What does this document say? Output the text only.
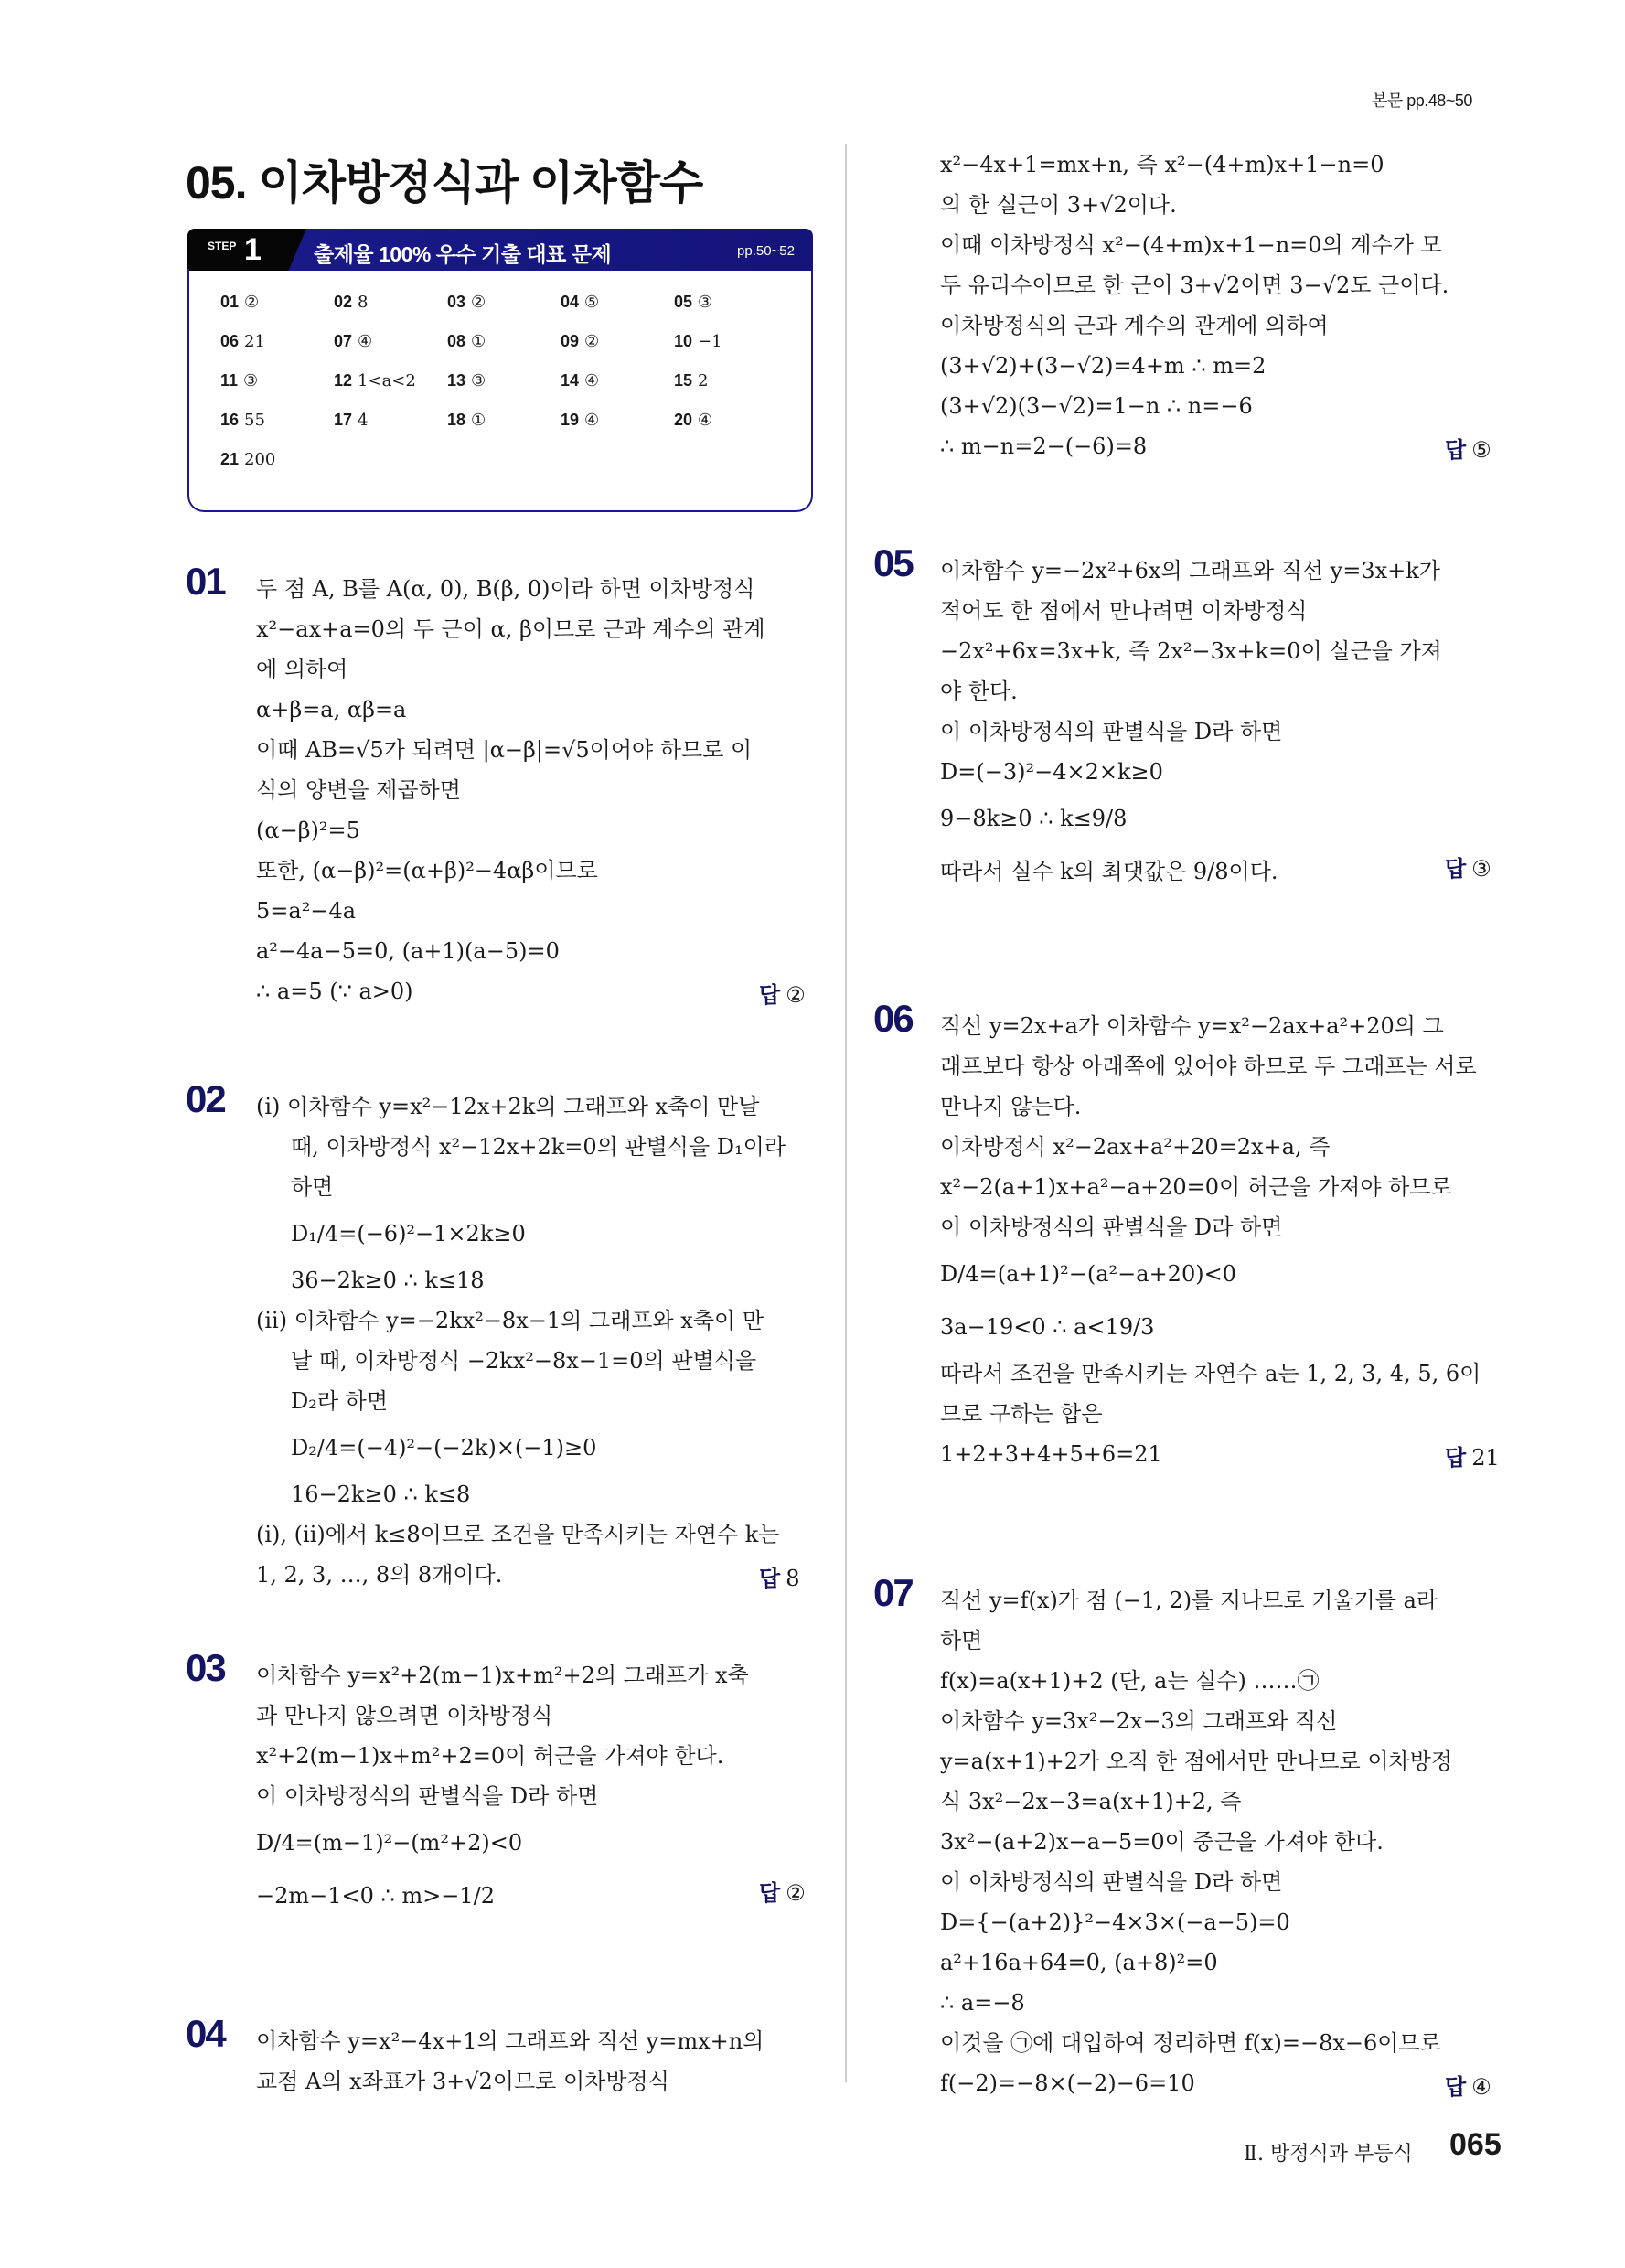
본문 pp.48~50
05. 이차방정식과 이차함수
STEP 1 출제율 100% 우수 기출 대표 문제	pp.50~52
01 ②	02 8	03 ②	04 ⑤	05 ③
06 21	07 ④	08 ①	09 ②	10 −1
11 ③	12 1<a<2	13 ③	14 ④	15 2
16 55	17 4	18 ①	19 ④	20 ④
21 200
01 두 점 A, B를 A(α, 0), B(β, 0)이라 하면 이차방정식
x²−ax+a=0의 두 근이 α, β이므로 근과 계수의 관계
에 의하여
α+β=a, αβ=a
이때 AB=√5가 되려면 |α−β|=√5이어야 하므로 이
식의 양변을 제곱하면
(α−β)²=5
또한, (α−β)²=(α+β)²−4αβ이므로
5=a²−4a
a²−4a−5=0, (a+1)(a−5)=0
∴ a=5 (∵ a>0)	답 ②
02 (i) 이차함수 y=x²−12x+2k의 그래프와 x축이 만날
때, 이차방정식 x²−12x+2k=0의 판별식을 D₁이라
하면
D₁/4=(−6)²−1×2k≥0
36−2k≥0 ∴ k≤18
(ii) 이차함수 y=−2kx²−8x−1의 그래프와 x축이 만
날 때, 이차방정식 −2kx²−8x−1=0의 판별식을
D₂라 하면
D₂/4=(−4)²−(−2k)×(−1)≥0
16−2k≥0 ∴ k≤8
(i), (ii)에서 k≤8이므로 조건을 만족시키는 자연수 k는
1, 2, 3, …, 8의 8개이다.	답 8
03 이차함수 y=x²+2(m−1)x+m²+2의 그래프가 x축
과 만나지 않으려면 이차방정식
x²+2(m−1)x+m²+2=0이 허근을 가져야 한다.
이 이차방정식의 판별식을 D라 하면
D/4=(m−1)²−(m²+2)<0
−2m−1<0 ∴ m>−1/2	답 ②
04 이차함수 y=x²−4x+1의 그래프와 직선 y=mx+n의
교점 A의 x좌표가 3+√2이므로 이차방정식
x²−4x+1=mx+n, 즉 x²−(4+m)x+1−n=0
의 한 실근이 3+√2이다.
이때 이차방정식 x²−(4+m)x+1−n=0의 계수가 모
두 유리수이므로 한 근이 3+√2이면 3−√2도 근이다.
이차방정식의 근과 계수의 관계에 의하여
(3+√2)+(3−√2)=4+m ∴ m=2
(3+√2)(3−√2)=1−n ∴ n=−6
∴ m−n=2−(−6)=8	답 ⑤
05 이차함수 y=−2x²+6x의 그래프와 직선 y=3x+k가
적어도 한 점에서 만나려면 이차방정식
−2x²+6x=3x+k, 즉 2x²−3x+k=0이 실근을 가져
야 한다.
이 이차방정식의 판별식을 D라 하면
D=(−3)²−4×2×k≥0
9−8k≥0 ∴ k≤9/8
따라서 실수 k의 최댓값은 9/8이다.	답 ③
06 직선 y=2x+a가 이차함수 y=x²−2ax+a²+20의 그
래프보다 항상 아래쪽에 있어야 하므로 두 그래프는 서로
만나지 않는다.
이차방정식 x²−2ax+a²+20=2x+a, 즉
x²−2(a+1)x+a²−a+20=0이 허근을 가져야 하므로
이 이차방정식의 판별식을 D라 하면
D/4=(a+1)²−(a²−a+20)<0
3a−19<0 ∴ a<19/3
따라서 조건을 만족시키는 자연수 a는 1, 2, 3, 4, 5, 6이
므로 구하는 합은
1+2+3+4+5+6=21	답 21
07 직선 y=f(x)가 점 (−1, 2)를 지나므로 기울기를 a라
하면
f(x)=a(x+1)+2 (단, a는 실수) ……㉠
이차함수 y=3x²−2x−3의 그래프와 직선
y=a(x+1)+2가 오직 한 점에서만 만나므로 이차방정
식 3x²−2x−3=a(x+1)+2, 즉
3x²−(a+2)x−a−5=0이 중근을 가져야 한다.
이 이차방정식의 판별식을 D라 하면
D={−(a+2)}²−4×3×(−a−5)=0
a²+16a+64=0, (a+8)²=0
∴ a=−8
이것을 ㉠에 대입하여 정리하면 f(x)=−8x−6이므로
f(−2)=−8×(−2)−6=10	답 ④
Ⅱ. 방정식과 부등식 065
